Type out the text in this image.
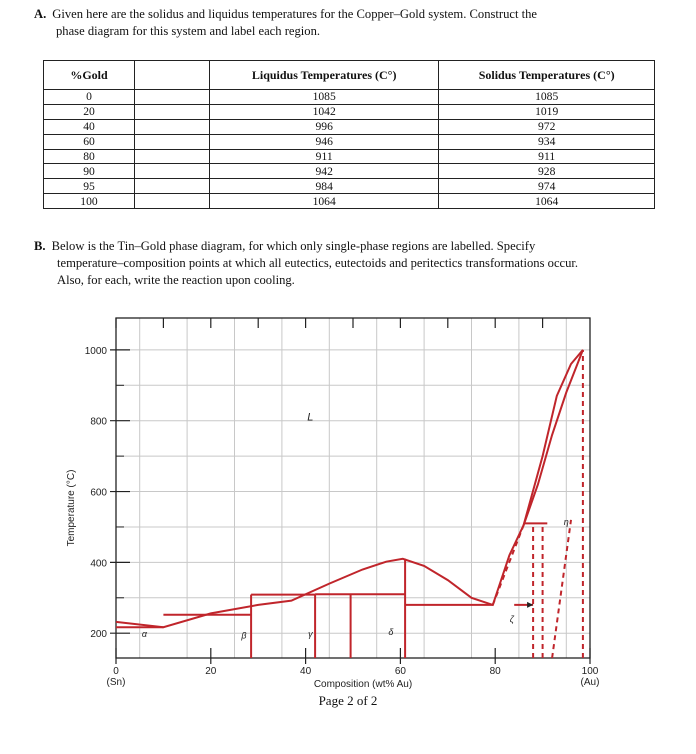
A. Given here are the solidus and liquidus temperatures for the Copper–Gold system. Construct the
phase diagram for this system and label each region.
%Gold		Liquidus Temperatures (C°)	Solidus Temperatures (C°)
0		1085	1085
20		1042	1019
40		996	972
60		946	934
80		911	911
90		942	928
95		984	974
100		1064	1064
B. Below is the Tin–Gold phase diagram, for which only single-phase regions are labelled. Specify
temperature–composition points at which all eutectics, eutectoids and peritectics transformations occur.
Also, for each, write the reaction upon cooling.
200
400
600
800
1000
0	20	40	60	80	100
(Sn)	(Au)
Composition (wt% Au)
Temperature (°C)
L
α	β	γ	δ
ζ
η
Page 2 of 2
